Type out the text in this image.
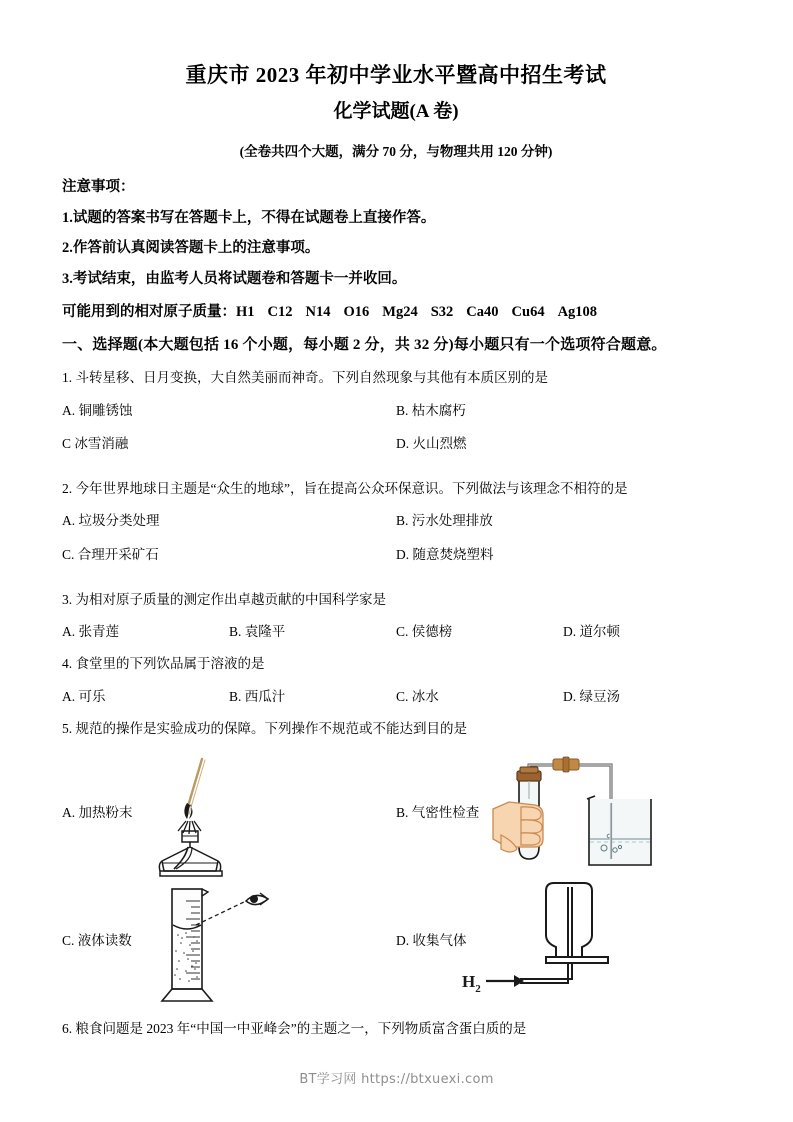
重庆市 2023 年初中学业水平暨高中招生考试
化学试题(A 卷)
(全卷共四个大题，满分 70 分，与物理共用 120 分钟)
注意事项：
1.试题的答案书写在答题卡上，不得在试题卷上直接作答。
2.作答前认真阅读答题卡上的注意事项。
3.考试结束，由监考人员将试题卷和答题卡一并收回。
可能用到的相对原子质量：H1 C12 N14 O16 Mg24 S32 Ca40 Cu64 Ag108
一、选择题(本大题包括 16 个小题，每小题 2 分，共 32 分)每小题只有一个选项符合题意。
1. 斗转星移、日月变换，大自然美丽而神奇。下列自然现象与其他有本质区别的是
A. 铜雕锈蚀	B. 枯木腐朽
C 冰雪消融	D. 火山烈燃
2. 今年世界地球日主题是“众生的地球”，旨在提高公众环保意识。下列做法与该理念不相符的是
A. 垃圾分类处理	B. 污水处理排放
C. 合理开采矿石	D. 随意焚烧塑料
3. 为相对原子质量的测定作出卓越贡献的中国科学家是
A. 张青莲	B. 袁隆平	C. 侯德榜	D. 道尔顿
4. 食堂里的下列饮品属于溶液的是
A. 可乐	B. 西瓜汁	C. 冰水	D. 绿豆汤
5. 规范的操作是实验成功的保障。下列操作不规范或不能达到目的是
A. 加热粉末	B. 气密性检查
C. 液体读数	D. 收集气体
$H_2$
6. 粮食问题是 2023 年“中国一中亚峰会”的主题之一，下列物质富含蛋白质的是
BT学习网 https://btxuexi.com
